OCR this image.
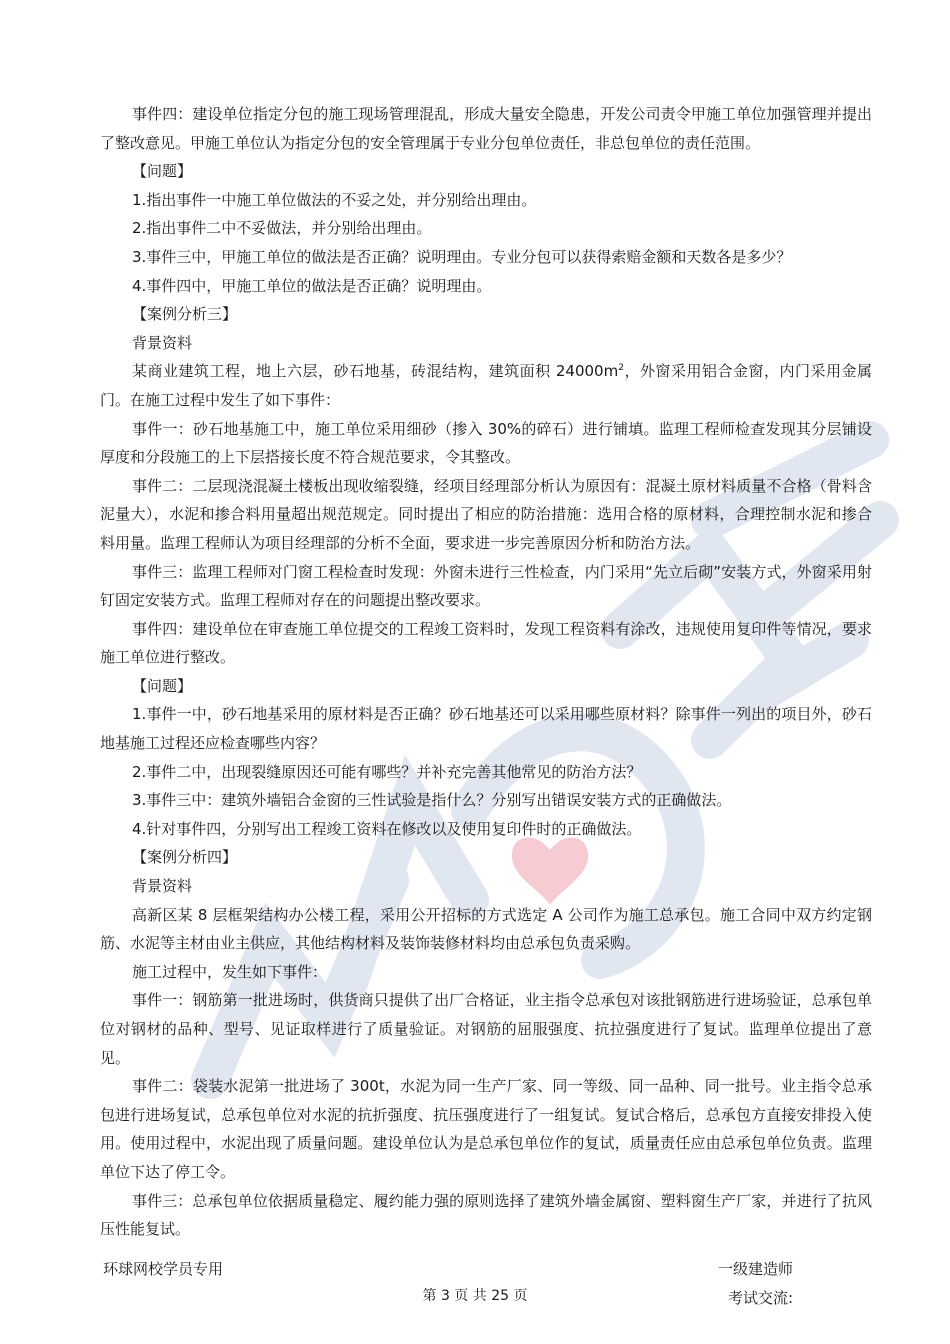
事件四：建设单位指定分包的施工现场管理混乱，形成大量安全隐患，开发公司责令甲施工单位加强管理并提出了整改意见。甲施工单位认为指定分包的安全管理属于专业分包单位责任，非总包单位的责任范围。

【问题】

1.指出事件一中施工单位做法的不妥之处，并分别给出理由。

2.指出事件二中不妥做法，并分别给出理由。

3.事件三中，甲施工单位的做法是否正确？说明理由。专业分包可以获得索赔金额和天数各是多少？

4.事件四中，甲施工单位的做法是否正确？说明理由。

【案例分析三】

背景资料

某商业建筑工程，地上六层，砂石地基，砖混结构，建筑面积 $24000m^2$，外窗采用铝合金窗，内门采用金属门。在施工过程中发生了如下事件：

事件一：砂石地基施工中，施工单位采用细砂（掺入 30%的碎石）进行铺填。监理工程师检查发现其分层铺设厚度和分段施工的上下层搭接长度不符合规范要求，令其整改。

事件二：二层现浇混凝土楼板出现收缩裂缝，经项目经理部分析认为原因有：混凝土原材料质量不合格（骨料含泥量大），水泥和掺合料用量超出规范规定。同时提出了相应的防治措施：选用合格的原材料，合理控制水泥和掺合料用量。监理工程师认为项目经理部的分析不全面，要求进一步完善原因分析和防治方法。

事件三：监理工程师对门窗工程检查时发现：外窗未进行三性检查，内门采用“先立后砌”安装方式，外窗采用射钉固定安装方式。监理工程师对存在的问题提出整改要求。

事件四：建设单位在审查施工单位提交的工程竣工资料时，发现工程资料有涂改，违规使用复印件等情况，要求施工单位进行整改。

【问题】

1.事件一中，砂石地基采用的原材料是否正确？砂石地基还可以采用哪些原材料？除事件一列出的项目外，砂石地基施工过程还应检查哪些内容？

2.事件二中，出现裂缝原因还可能有哪些？并补充完善其他常见的防治方法？

3.事件三中：建筑外墙铝合金窗的三性试验是指什么？分别写出错误安装方式的正确做法。

4.针对事件四，分别写出工程竣工资料在修改以及使用复印件时的正确做法。

【案例分析四】

背景资料

高新区某 8 层框架结构办公楼工程，采用公开招标的方式选定 A 公司作为施工总承包。施工合同中双方约定钢筋、水泥等主材由业主供应，其他结构材料及装饰装修材料均由总承包负责采购。

施工过程中，发生如下事件：

事件一：钢筋第一批进场时，供货商只提供了出厂合格证，业主指令总承包对该批钢筋进行进场验证，总承包单位对钢材的品种、型号、见证取样进行了质量验证。对钢筋的屈服强度、抗拉强度进行了复试。监理单位提出了意见。

事件二：袋装水泥第一批进场了 300t，水泥为同一生产厂家、同一等级、同一品种、同一批号。业主指令总承包进行进场复试，总承包单位对水泥的抗折强度、抗压强度进行了一组复试。复试合格后，总承包方直接安排投入使用。使用过程中，水泥出现了质量问题。建设单位认为是总承包单位作的复试，质量责任应由总承包单位负责。监理单位下达了停工令。

事件三：总承包单位依据质量稳定、履约能力强的原则选择了建筑外墙金属窗、塑料窗生产厂家，并进行了抗风压性能复试。

环球网校学员专用	一级建造师
第 3 页 共 25 页	考试交流:
